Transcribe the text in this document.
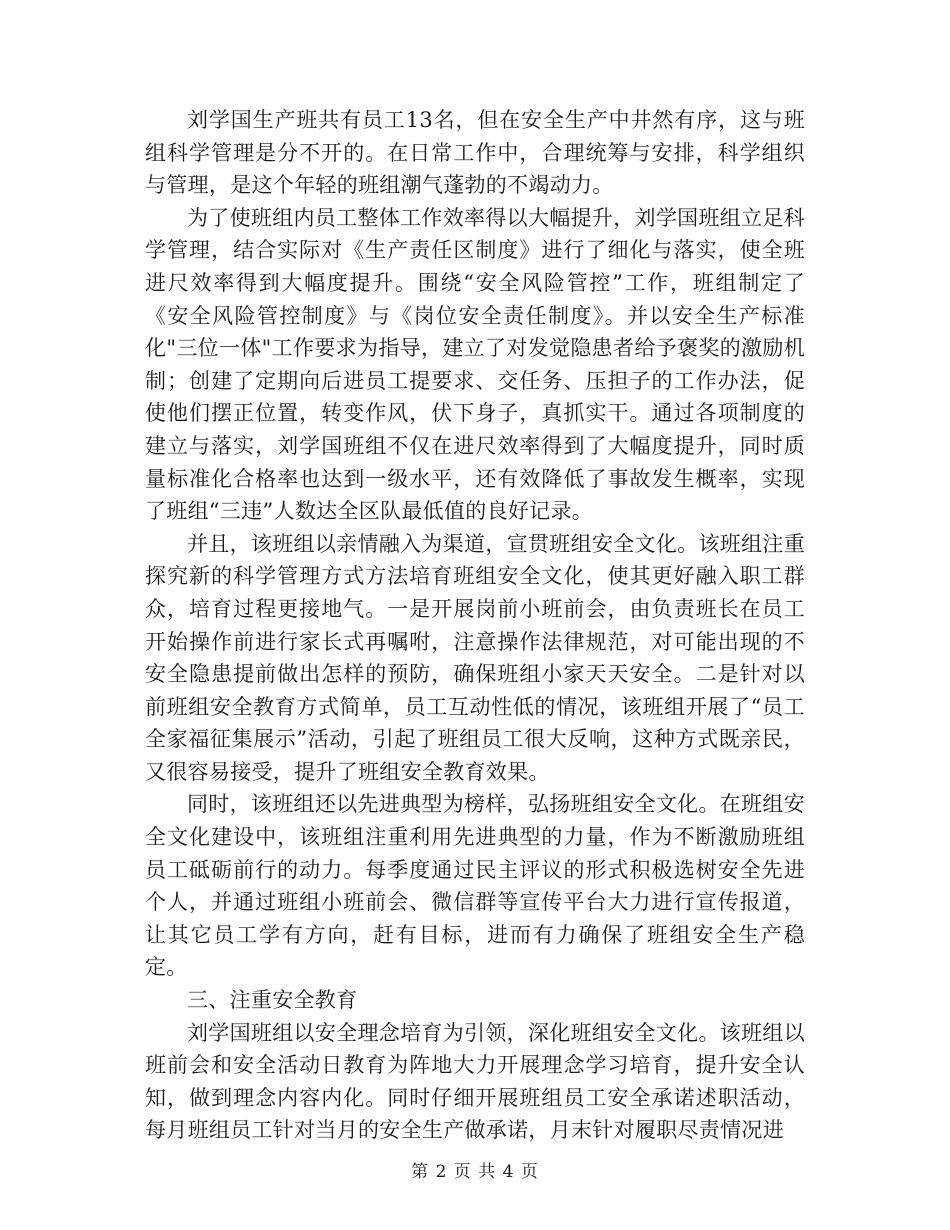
刘学国生产班共有员工13名，但在安全生产中井然有序，这与班组科学管理是分不开的。在日常工作中，合理统筹与安排，科学组织与管理，是这个年轻的班组潮气蓬勃的不竭动力。

为了使班组内员工整体工作效率得以大幅提升，刘学国班组立足科学管理，结合实际对《生产责任区制度》进行了细化与落实，使全班进尺效率得到大幅度提升。围绕“安全风险管控”工作，班组制定了《安全风险管控制度》与《岗位安全责任制度》。并以安全生产标准化"三位一体"工作要求为指导，建立了对发觉隐患者给予褒奖的激励机制；创建了定期向后进员工提要求、交任务、压担子的工作办法，促使他们摆正位置，转变作风，伏下身子，真抓实干。通过各项制度的建立与落实，刘学国班组不仅在进尺效率得到了大幅度提升，同时质量标准化合格率也达到一级水平，还有效降低了事故发生概率，实现了班组“三违”人数达全区队最低值的良好记录。

并且，该班组以亲情融入为渠道，宣贯班组安全文化。该班组注重探究新的科学管理方式方法培育班组安全文化，使其更好融入职工群众，培育过程更接地气。一是开展岗前小班前会，由负责班长在员工开始操作前进行家长式再嘱咐，注意操作法律规范，对可能出现的不安全隐患提前做出怎样的预防，确保班组小家天天安全。二是针对以前班组安全教育方式简单，员工互动性低的情况，该班组开展了“员工全家福征集展示”活动，引起了班组员工很大反响，这种方式既亲民，又很容易接受，提升了班组安全教育效果。

同时，该班组还以先进典型为榜样，弘扬班组安全文化。在班组安全文化建设中，该班组注重利用先进典型的力量，作为不断激励班组员工砥砺前行的动力。每季度通过民主评议的形式积极选树安全先进个人，并通过班组小班前会、微信群等宣传平台大力进行宣传报道，让其它员工学有方向，赶有目标，进而有力确保了班组安全生产稳定。

三、注重安全教育

刘学国班组以安全理念培育为引领，深化班组安全文化。该班组以班前会和安全活动日教育为阵地大力开展理念学习培育，提升安全认知，做到理念内容内化。同时仔细开展班组员工安全承诺述职活动，每月班组员工针对当月的安全生产做承诺，月末针对履职尽责情况进

第 2 页 共 4 页
